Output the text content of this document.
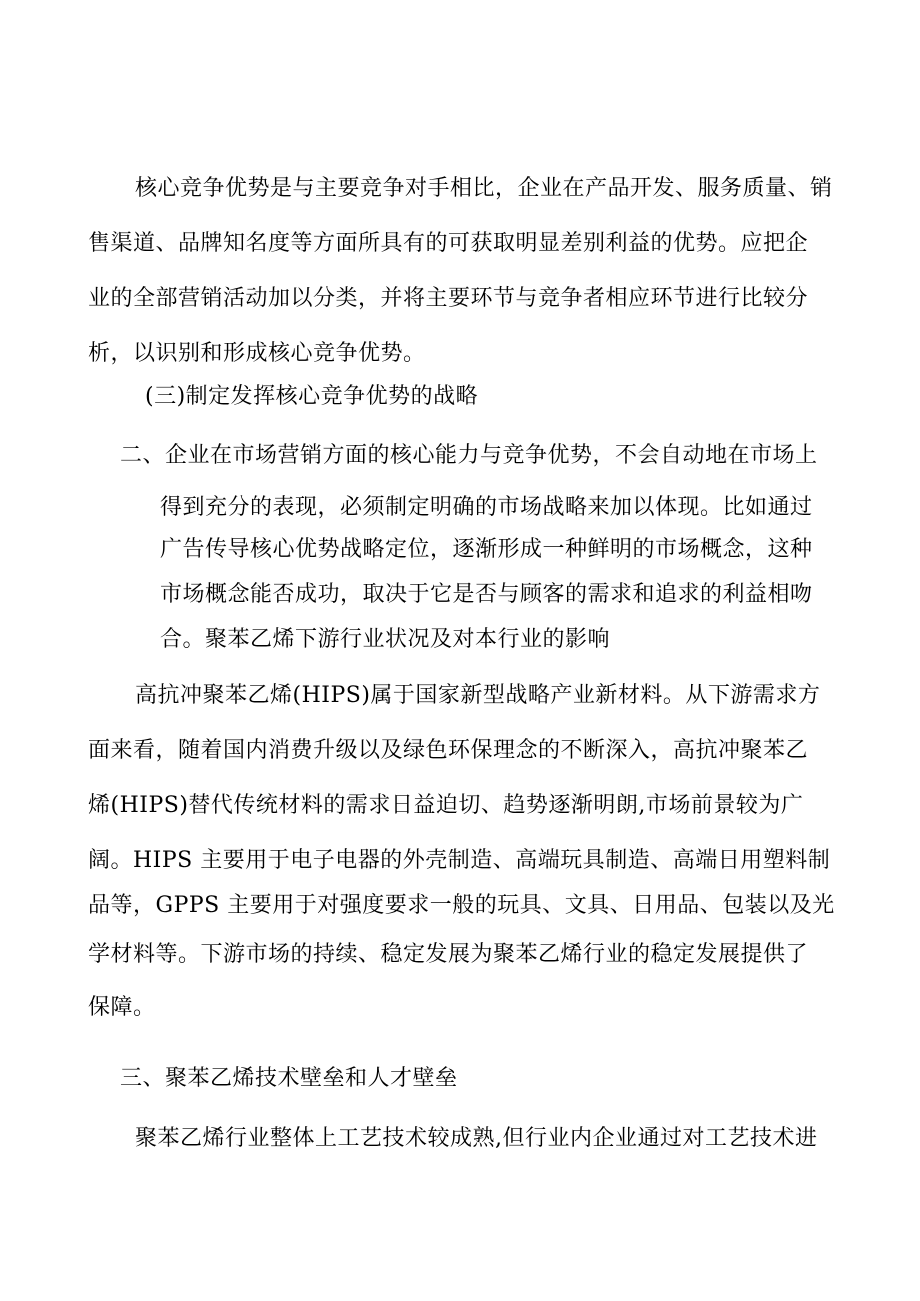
核心竞争优势是与主要竞争对手相比，企业在产品开发、服务质量、销
售渠道、品牌知名度等方面所具有的可获取明显差别利益的优势。应把企
业的全部营销活动加以分类，并将主要环节与竞争者相应环节进行比较分
析，以识别和形成核心竞争优势。
(三)制定发挥核心竞争优势的战略
二、企业在市场营销方面的核心能力与竞争优势，不会自动地在市场上
得到充分的表现，必须制定明确的市场战略来加以体现。比如通过
广告传导核心优势战略定位，逐渐形成一种鲜明的市场概念，这种
市场概念能否成功，取决于它是否与顾客的需求和追求的利益相吻
合。聚苯乙烯下游行业状况及对本行业的影响
高抗冲聚苯乙烯(HIPS)属于国家新型战略产业新材料。从下游需求方
面来看，随着国内消费升级以及绿色环保理念的不断深入，高抗冲聚苯乙
烯(HIPS)替代传统材料的需求日益迫切、趋势逐渐明朗,市场前景较为广
阔。HIPS 主要用于电子电器的外壳制造、高端玩具制造、高端日用塑料制
品等，GPPS 主要用于对强度要求一般的玩具、文具、日用品、包装以及光
学材料等。下游市场的持续、稳定发展为聚苯乙烯行业的稳定发展提供了
保障。
三、聚苯乙烯技术壁垒和人才壁垒
聚苯乙烯行业整体上工艺技术较成熟,但行业内企业通过对工艺技术进
